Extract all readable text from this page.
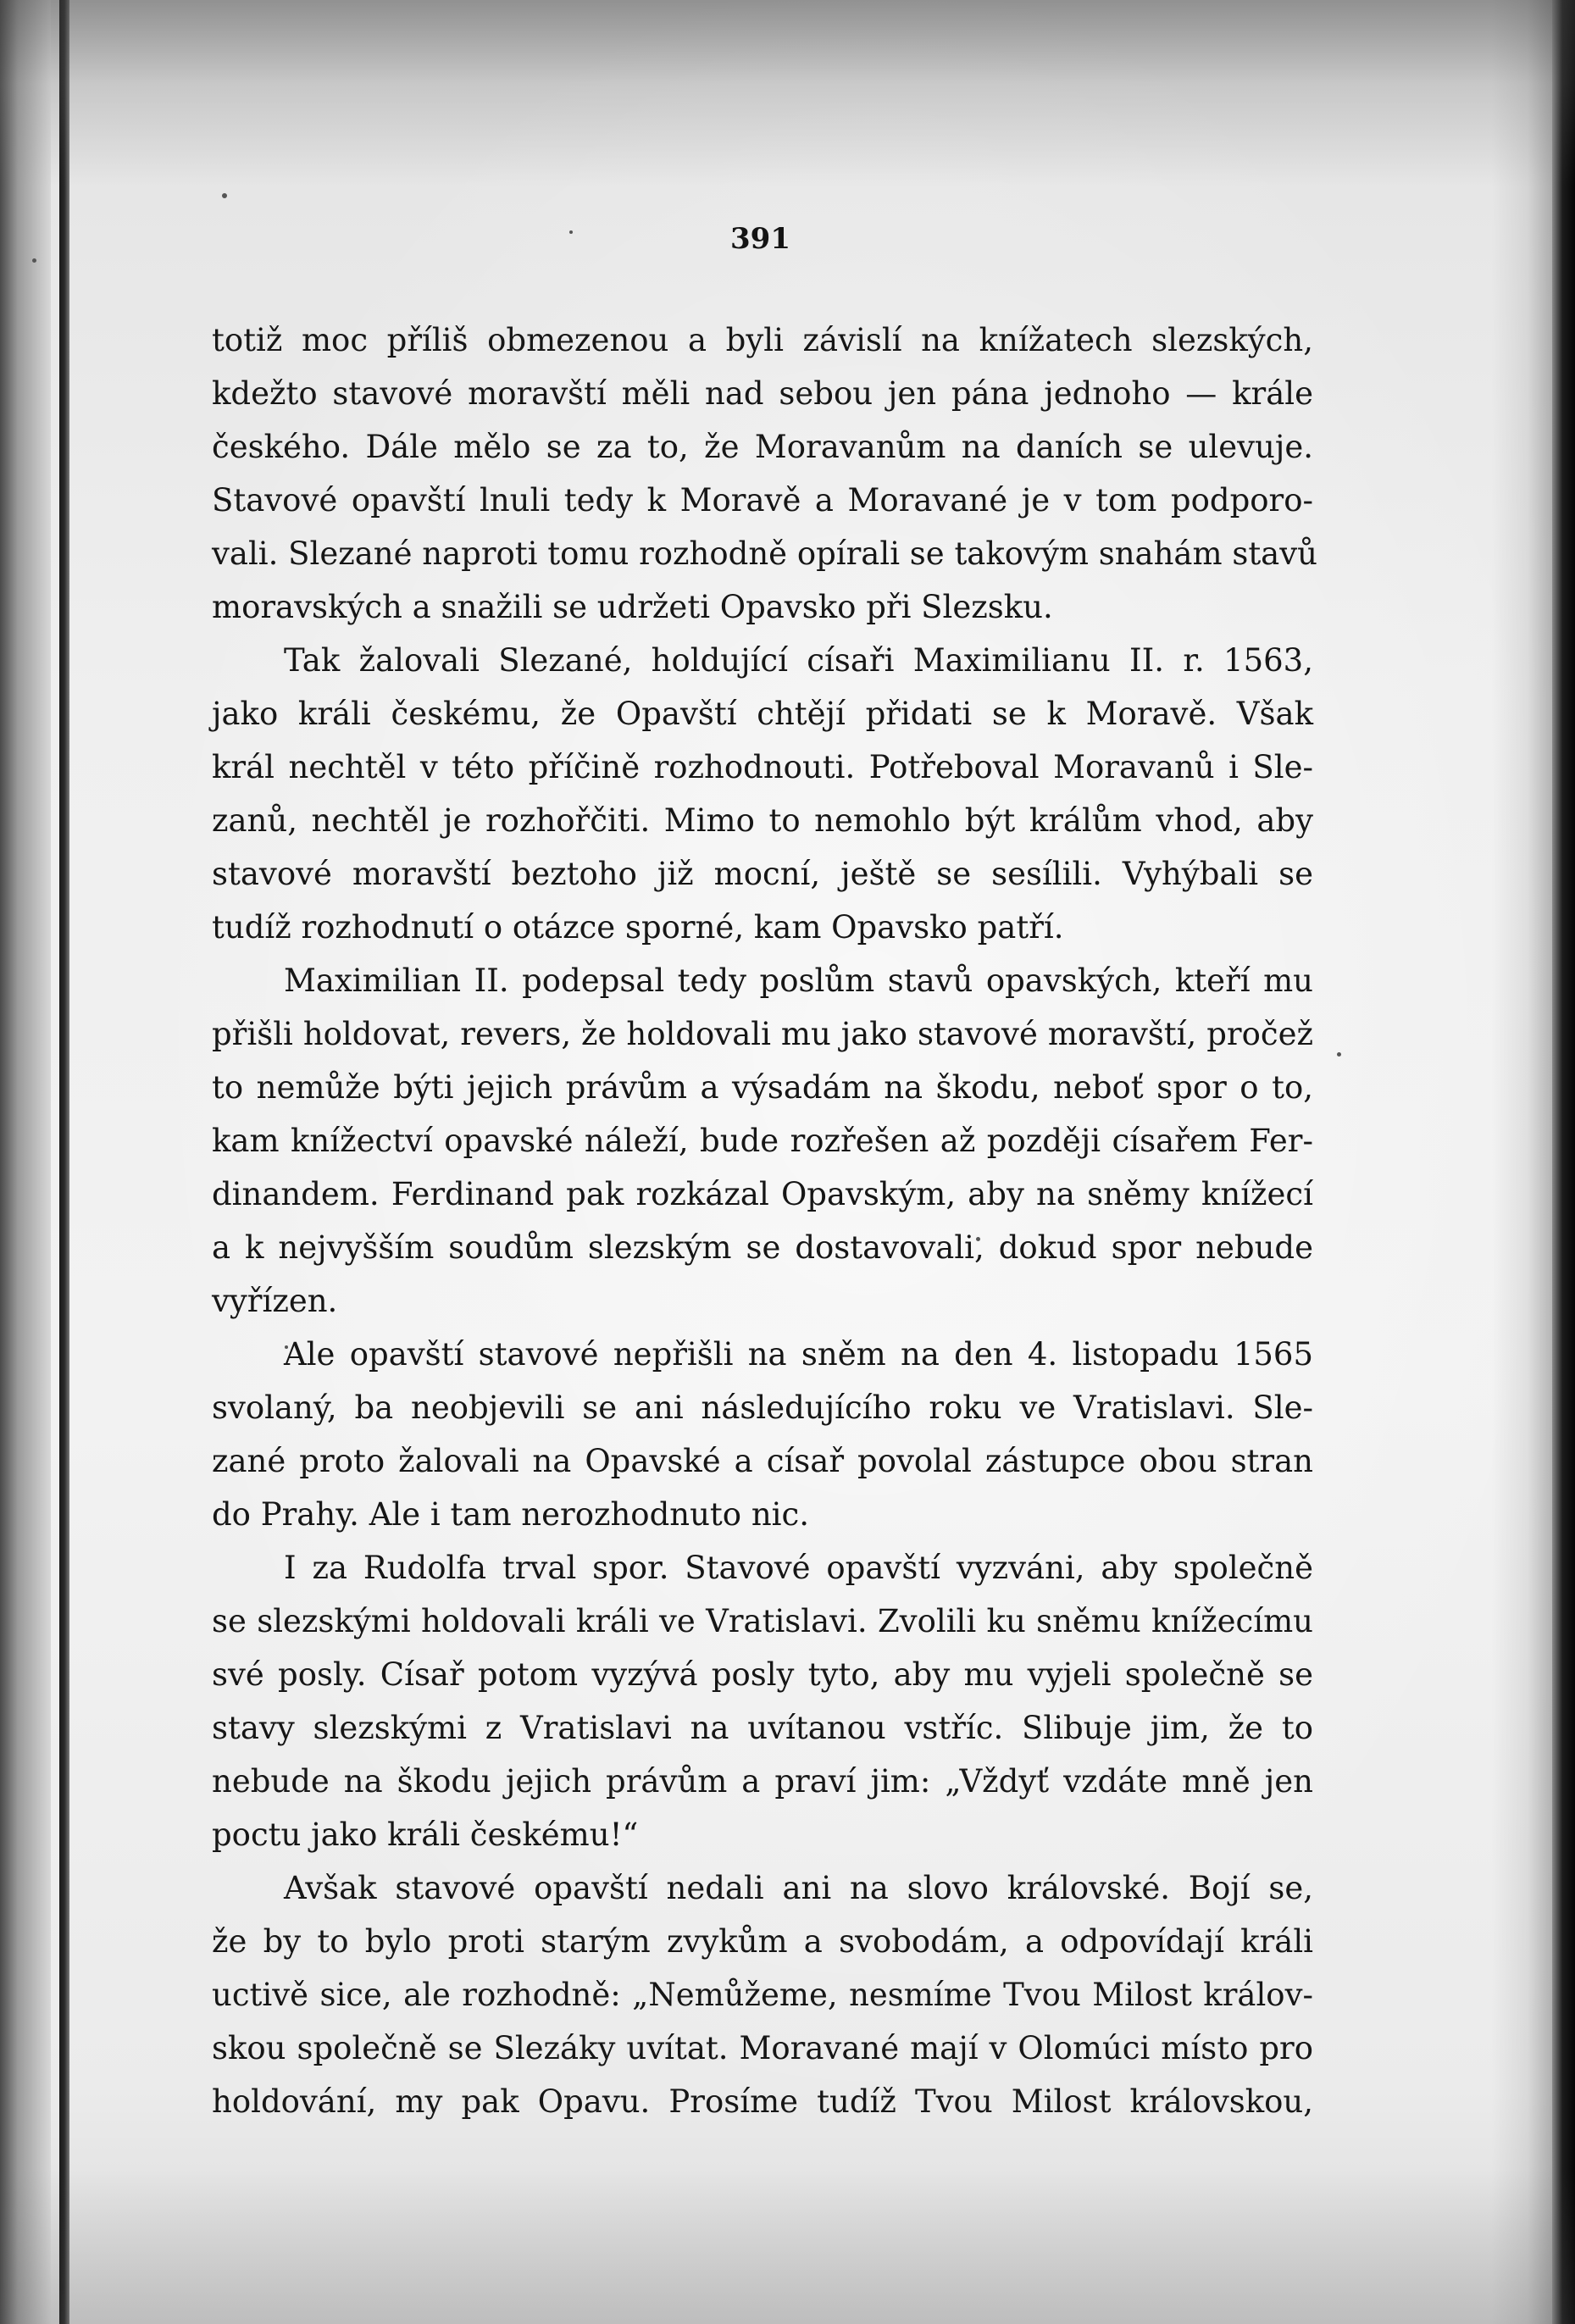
391
totiž moc příliš obmezenou a byli závislí na knížatech slezských,
kdežto stavové moravští měli nad sebou jen pána jednoho — krále
českého. Dále mělo se za to, že Moravanům na daních se ulevuje.
Stavové opavští lnuli tedy k Moravě a Moravané je v tom podporo-
vali. Slezané naproti tomu rozhodně opírali se takovým snahám stavů
moravských a snažili se udržeti Opavsko při Slezsku.
Tak žalovali Slezané, holdující císaři Maximilianu II. r. 1563,
jako králi českému, že Opavští chtějí přidati se k Moravě. Však
král nechtěl v této příčině rozhodnouti. Potřeboval Moravanů i Sle-
zanů, nechtěl je rozhořčiti. Mimo to nemohlo být králům vhod, aby
stavové moravští beztoho již mocní, ještě se sesílili. Vyhýbali se
tudíž rozhodnutí o otázce sporné, kam Opavsko patří.
Maximilian II. podepsal tedy poslům stavů opavských, kteří mu
přišli holdovat, revers, že holdovali mu jako stavové moravští, pročež
to nemůže býti jejich právům a výsadám na škodu, neboť spor o to,
kam knížectví opavské náleží, bude rozřešen až později císařem Fer-
dinandem. Ferdinand pak rozkázal Opavským, aby na sněmy knížecí
a k nejvyšším soudům slezským se dostavovali, dokud spor nebude
vyřízen.
Ale opavští stavové nepřišli na sněm na den 4. listopadu 1565
svolaný, ba neobjevili se ani následujícího roku ve Vratislavi. Sle-
zané proto žalovali na Opavské a císař povolal zástupce obou stran
do Prahy. Ale i tam nerozhodnuto nic.
I za Rudolfa trval spor. Stavové opavští vyzváni, aby společně
se slezskými holdovali králi ve Vratislavi. Zvolili ku sněmu knížecímu
své posly. Císař potom vyzývá posly tyto, aby mu vyjeli společně se
stavy slezskými z Vratislavi na uvítanou vstříc. Slibuje jim, že to
nebude na škodu jejich právům a praví jim: „Vždyť vzdáte mně jen
poctu jako králi českému!“
Avšak stavové opavští nedali ani na slovo královské. Bojí se,
že by to bylo proti starým zvykům a svobodám, a odpovídají králi
uctivě sice, ale rozhodně: „Nemůžeme, nesmíme Tvou Milost králov-
skou společně se Slezáky uvítat. Moravané mají v Olomúci místo pro
holdování, my pak Opavu. Prosíme tudíž Tvou Milost královskou,
